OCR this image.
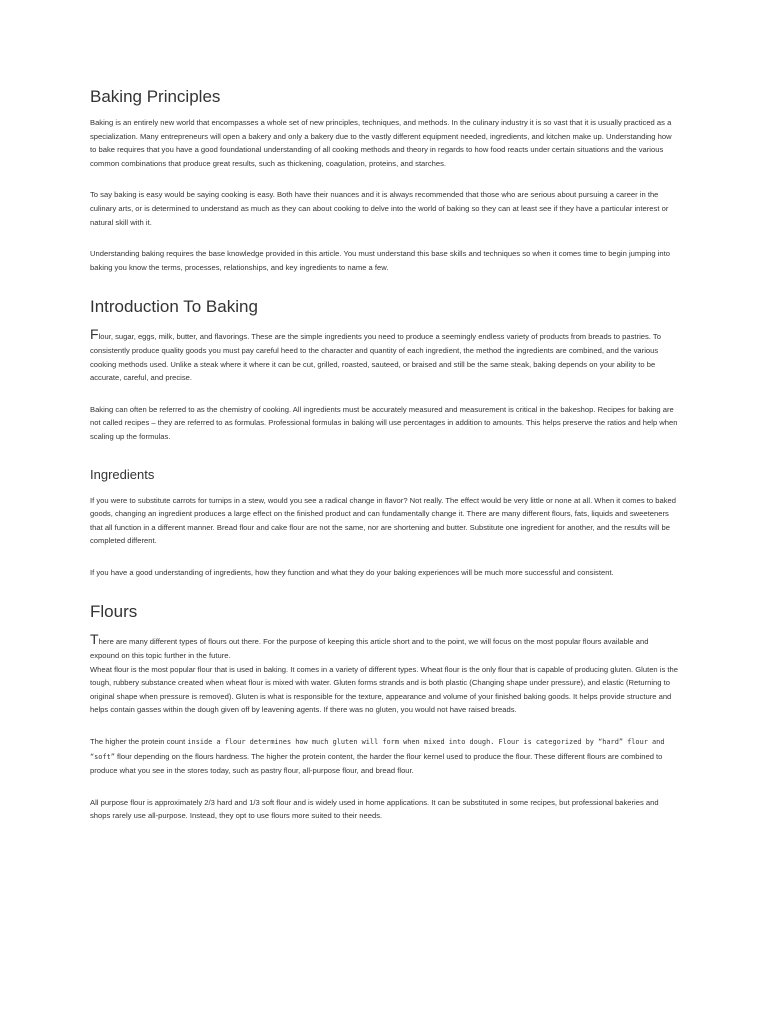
Baking Principles

Baking is an entirely new world that encompasses a whole set of new principles, techniques, and methods. In the culinary industry it is so vast that it is usually practiced as a specialization. Many entrepreneurs will open a bakery and only a bakery due to the vastly different equipment needed, ingredients, and kitchen make up. Understanding how to bake requires that you have a good foundational understanding of all cooking methods and theory in regards to how food reacts under certain situations and the various common combinations that produce great results, such as thickening, coagulation, proteins, and starches.

To say baking is easy would be saying cooking is easy. Both have their nuances and it is always recommended that those who are serious about pursuing a career in the culinary arts, or is determined to understand as much as they can about cooking to delve into the world of baking so they can at least see if they have a particular interest or natural skill with it.

Understanding baking requires the base knowledge provided in this article. You must understand this base skills and techniques so when it comes time to begin jumping into baking you know the terms, processes, relationships, and key ingredients to name a few.

Introduction To Baking

Flour, sugar, eggs, milk, butter, and flavorings. These are the simple ingredients you need to produce a seemingly endless variety of products from breads to pastries. To consistently produce quality goods you must pay careful heed to the character and quantity of each ingredient, the method the ingredients are combined, and the various cooking methods used. Unlike a steak where it where it can be cut, grilled, roasted, sauteed, or braised and still be the same steak, baking depends on your ability to be accurate, careful, and precise.

Baking can often be referred to as the chemistry of cooking. All ingredients must be accurately measured and measurement is critical in the bakeshop. Recipes for baking are not called recipes – they are referred to as formulas. Professional formulas in baking will use percentages in addition to amounts. This helps preserve the ratios and help when scaling up the formulas.

Ingredients

If you were to substitute carrots for turnips in a stew, would you see a radical change in flavor? Not really. The effect would be very little or none at all. When it comes to baked goods, changing an ingredient produces a large effect on the finished product and can fundamentally change it. There are many different flours, fats, liquids and sweeteners that all function in a different manner. Bread flour and cake flour are not the same, nor are shortening and butter. Substitute one ingredient for another, and the results will be completed different.

If you have a good understanding of ingredients, how they function and what they do your baking experiences will be much more successful and consistent.

Flours

There are many different types of flours out there. For the purpose of keeping this article short and to the point, we will focus on the most popular flours available and expound on this topic further in the future.

Wheat flour is the most popular flour that is used in baking. It comes in a variety of different types. Wheat flour is the only flour that is capable of producing gluten. Gluten is the tough, rubbery substance created when wheat flour is mixed with water. Gluten forms strands and is both plastic (Changing shape under pressure), and elastic (Returning to original shape when pressure is removed). Gluten is what is responsible for the texture, appearance and volume of your finished baking goods. It helps provide structure and helps contain gasses within the dough given off by leavening agents. If there was no gluten, you would not have raised breads.

The higher the protein count inside a flour determines how much gluten will form when mixed into dough. Flour is categorized by “hard” flour and “soft” flour depending on the flours hardness. The higher the protein content, the harder the flour kernel used to produce the flour. These different flours are combined to produce what you see in the stores today, such as pastry flour, all-purpose flour, and bread flour.

All purpose flour is approximately 2/3 hard and 1/3 soft flour and is widely used in home applications. It can be substituted in some recipes, but professional bakeries and shops rarely use all-purpose. Instead, they opt to use flours more suited to their needs.
